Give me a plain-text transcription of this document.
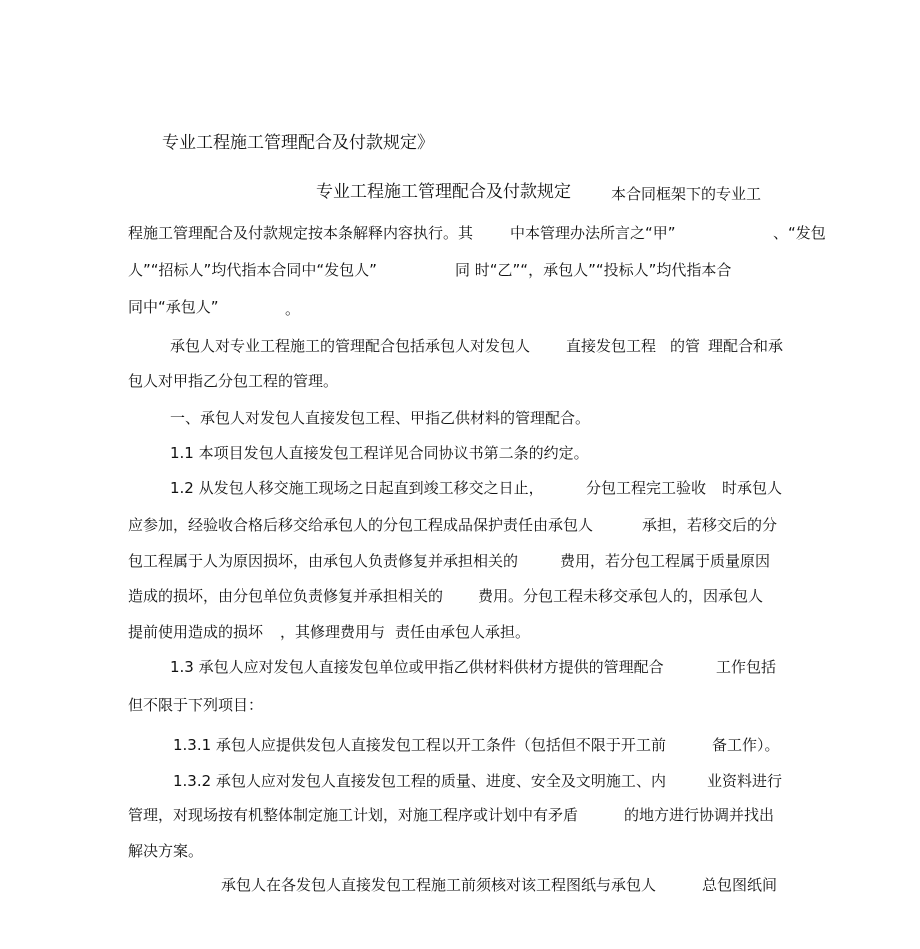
专业工程施工管理配合及付款规定》
专业工程施工管理配合及付款规定	本合同框架下的专业工
程施工管理配合及付款规定按本条解释内容执行。其 中本管理办法所言之“甲”	、“发包
人”“招标人”均代指本合同中“发包人”	同 时“乙”“，承包人”“投标人”均代指本合
同中“承包人”	。
承包人对专业工程施工的管理配合包括承包人对发包人 直接发包工程 的管 理配合和承
包人对甲指乙分包工程的管理。
一、承包人对发包人直接发包工程、甲指乙供材料的管理配合。
1.1 本项目发包人直接发包工程详见合同协议书第二条的约定。
1.2 从发包人移交施工现场之日起直到竣工移交之日止，	分包工程完工验收 时承包人
应参加，经验收合格后移交给承包人的分包工程成品保护责任由承包人	承担，若移交后的分
包工程属于人为原因损坏，由承包人负责修复并承担相关的	费用，若分包工程属于质量原因
造成的损坏，由分包单位负责修复并承担相关的 费用。分包工程未移交承包人的，因承包人
提前使用造成的损坏 ，其修理费用与 责任由承包人承担。
1.3 承包人应对发包人直接发包单位或甲指乙供材料供材方提供的管理配合	工作包括
但不限于下列项目：
1.3.1 承包人应提供发包人直接发包工程以开工条件（包括但不限于开工前	备工作）。
1.3.2 承包人应对发包人直接发包工程的质量、进度、安全及文明施工、内	业资料进行
管理，对现场按有机整体制定施工计划，对施工程序或计划中有矛盾	的地方进行协调并找出
解决方案。
承包人在各发包人直接发包工程施工前须核对该工程图纸与承包人	总包图纸间
